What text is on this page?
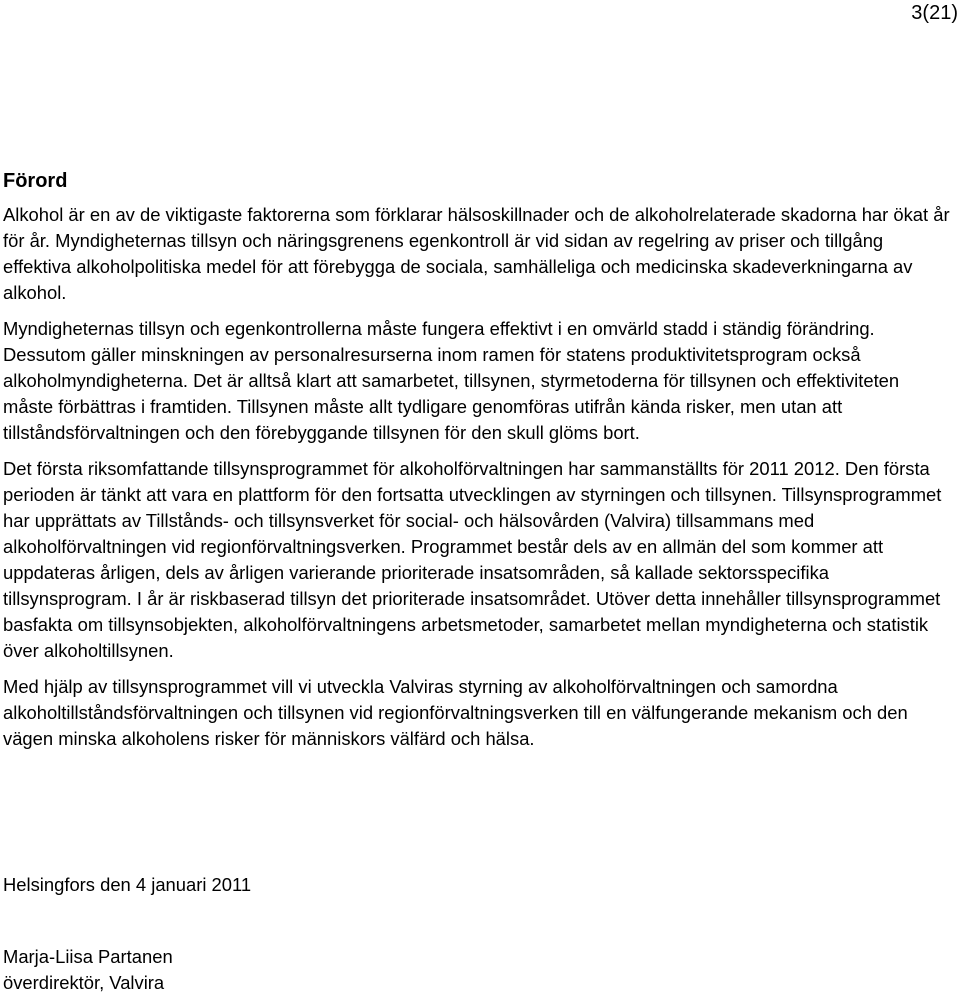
3(21)
Förord

Alkohol är en av de viktigaste faktorerna som förklarar hälsoskillnader och de alkoholrelaterade skadorna har ökat år för år. Myndigheternas tillsyn och näringsgrenens egenkontroll är vid sidan av regelring av priser och tillgång effektiva alkoholpolitiska medel för att förebygga de sociala, samhälleliga och medicinska skadeverkningarna av alkohol.

Myndigheternas tillsyn och egenkontrollerna måste fungera effektivt i en omvärld stadd i ständig förändring. Dessutom gäller minskningen av personalresurserna inom ramen för statens produktivitetsprogram också alkoholmyndigheterna. Det är alltså klart att samarbetet, tillsynen, styrmetoderna för tillsynen och effektiviteten måste förbättras i framtiden. Tillsynen måste allt tydligare genomföras utifrån kända risker, men utan att tillståndsförvaltningen och den förebyggande tillsynen för den skull glöms bort.

Det första riksomfattande tillsynsprogrammet för alkoholförvaltningen har sammanställts för 2011 2012. Den första perioden är tänkt att vara en plattform för den fortsatta utvecklingen av styrningen och tillsynen. Tillsynsprogrammet har upprättats av Tillstånds- och tillsynsverket för social- och hälsovården (Valvira) tillsammans med alkoholförvaltningen vid regionförvaltningsverken. Programmet består dels av en allmän del som kommer att uppdateras årligen, dels av årligen varierande prioriterade insatsområden, så kallade sektorsspecifika tillsynsprogram. I år är riskbaserad tillsyn det prioriterade insatsområdet. Utöver detta innehåller tillsynsprogrammet basfakta om tillsynsobjekten, alkoholförvaltningens arbetsmetoder, samarbetet mellan myndigheterna och statistik över alkoholtillsynen.

Med hjälp av tillsynsprogrammet vill vi utveckla Valviras styrning av alkoholförvaltningen och samordna alkoholtillståndsförvaltningen och tillsynen vid regionförvaltningsverken till en välfungerande mekanism och den vägen minska alkoholens risker för människors välfärd och hälsa.

Helsingfors den 4 januari 2011
Marja-Liisa Partanen
överdirektör, Valvira
